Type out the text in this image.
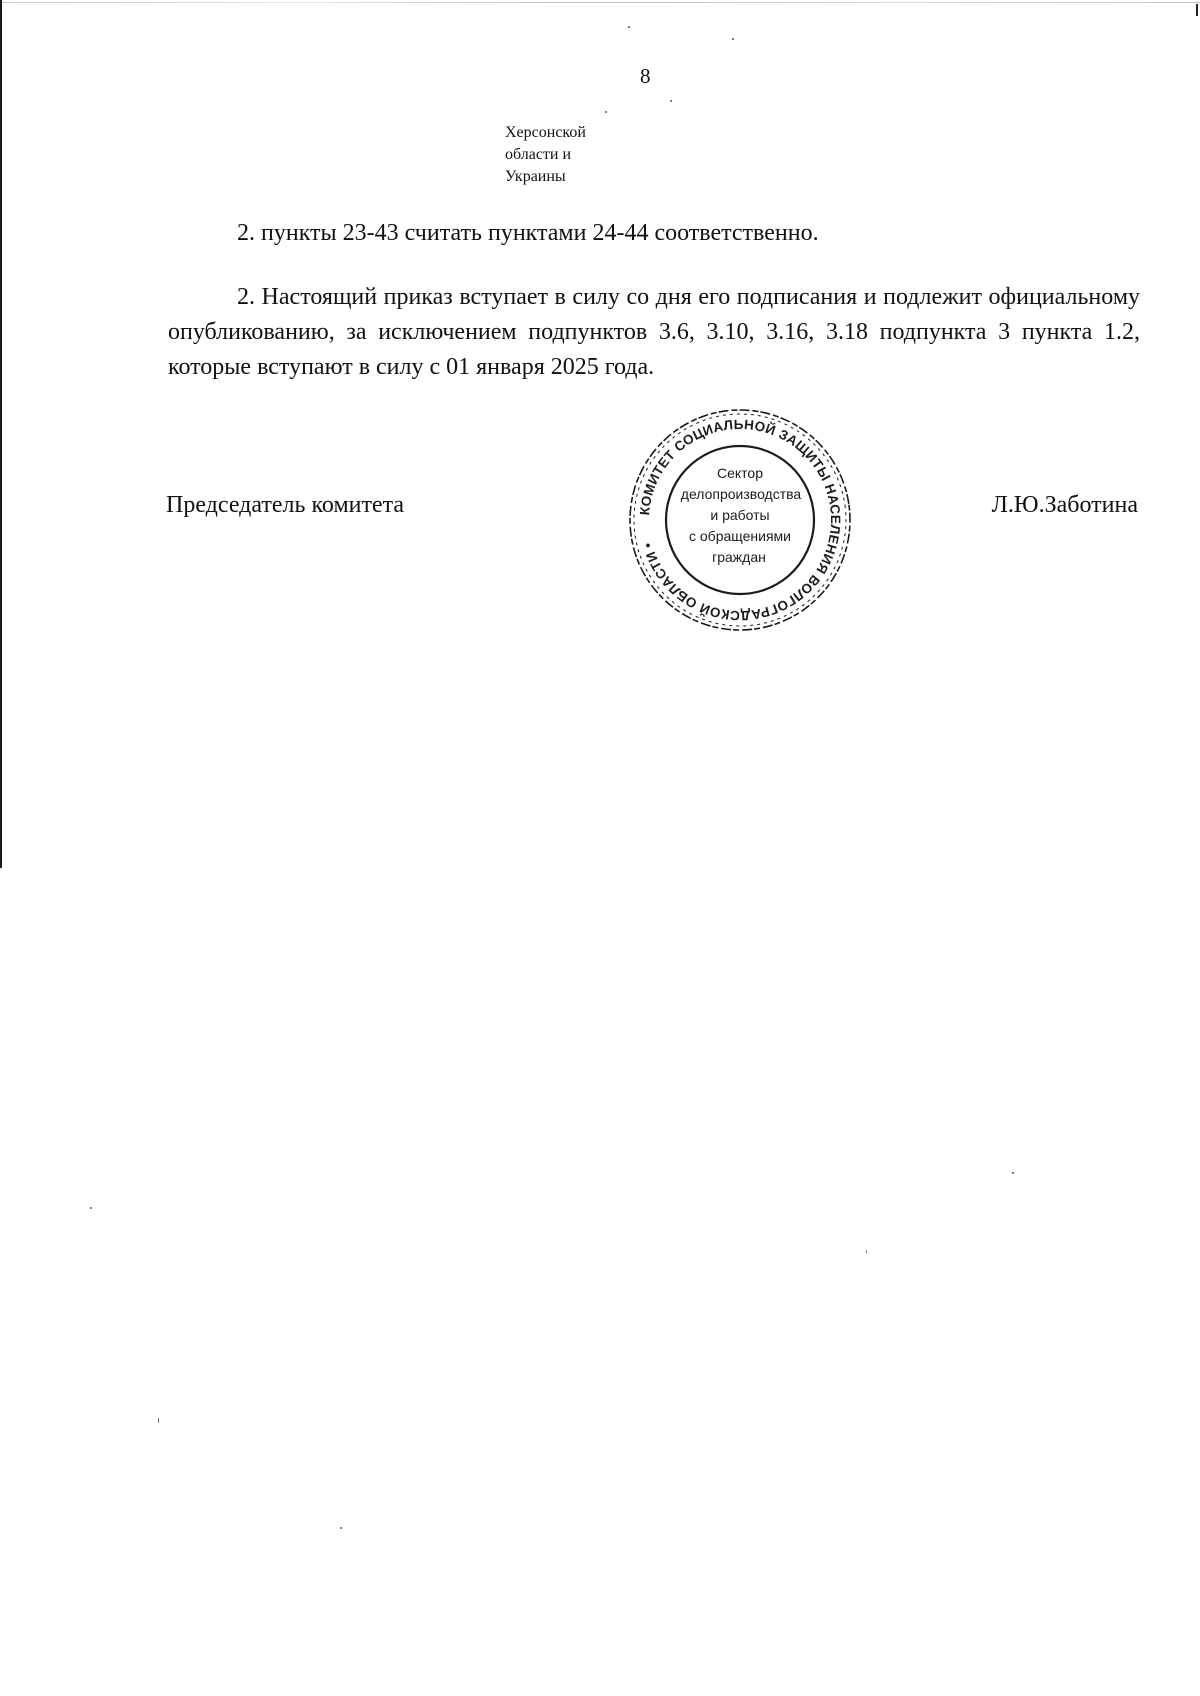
8
Херсонской
области и
Украины
2. пункты 23-43 считать пунктами 24-44 соответственно.
2. Настоящий приказ вступает в силу со дня его подписания и подлежит официальному опубликованию, за исключением подпунктов 3.6, 3.10, 3.16, 3.18 подпункта 3 пункта 1.2, которые вступают в силу с 01 января 2025 года.
Председатель комитета	Л.Ю.Заботина
КОМИТЕТ СОЦИАЛЬНОЙ ЗАЩИТЫ НАСЕЛЕНИЯ ВОЛГОГРАДСКОЙ ОБЛАСТИ •
Сектор
делопроизводства
и работы
с обращениями
граждан
